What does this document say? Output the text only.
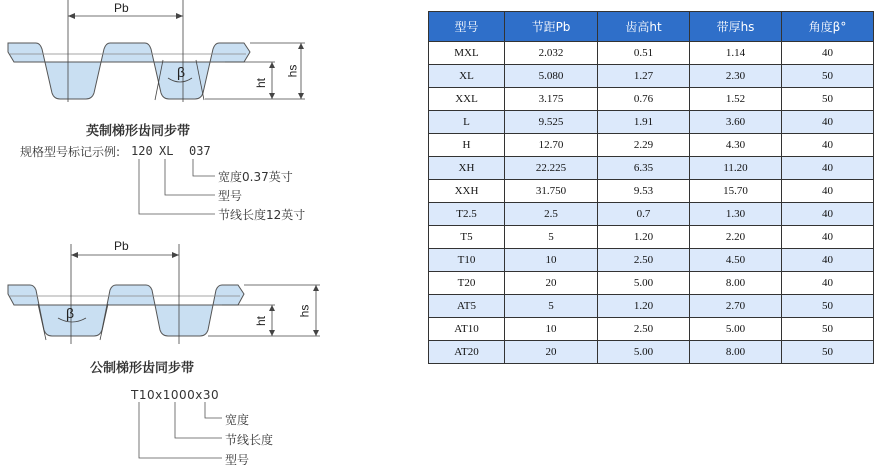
Pb
β
ht
hs
英制梯形齿同步带
规格型号标记示例: 120 XL 037
宽度0.37英寸
型号
节线长度12英寸
Pb
β	ht
hs
公制梯形齿同步带
T10x1000x30
宽度
节线长度
型号
型号	节距Pb	齿高ht	带厚hs	角度β°
MXL	2.032	0.51	1.14	40
XL	5.080	1.27	2.30	50
XXL	3.175	0.76	1.52	50
L	9.525	1.91	3.60	40
H	12.70	2.29	4.30	40
XH	22.225	6.35	11.20	40
XXH	31.750	9.53	15.70	40
T2.5	2.5	0.7	1.30	40
T5	5	1.20	2.20	40
T10	10	2.50	4.50	40
T20	20	5.00	8.00	40
AT5	5	1.20	2.70	50
AT10	10	2.50	5.00	50
AT20	20	5.00	8.00	50
